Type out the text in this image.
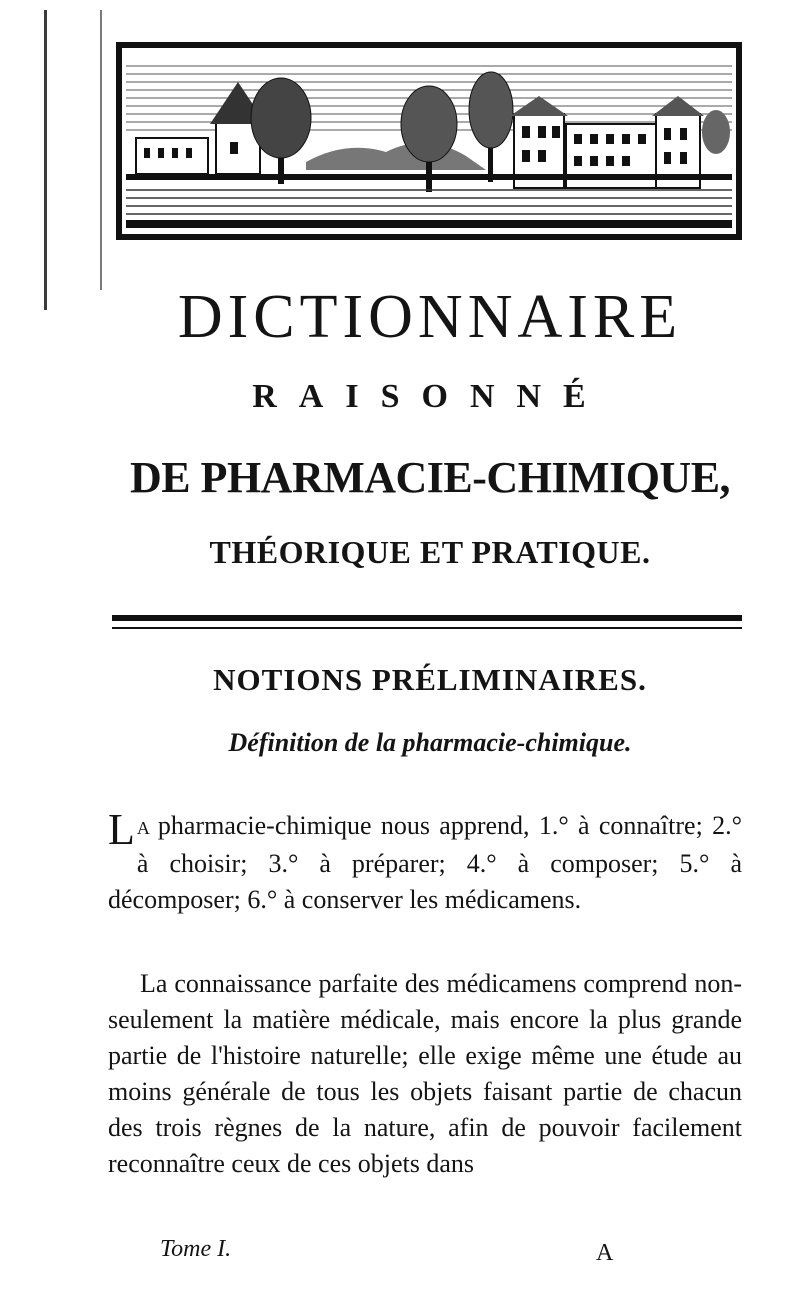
DICTIONNAIRE
RAISONNÉ
DE PHARMACIE-CHIMIQUE,
THÉORIQUE ET PRATIQUE.
NOTIONS PRÉLIMINAIRES.
Définition de la pharmacie-chimique.

L A pharmacie-chimique nous apprend, 1.° à connaître; 2.° à choisir; 3.° à préparer; 4.° à composer; 5.° à décomposer; 6.° à conserver les médicamens.

La connaissance parfaite des médicamens comprend non-seulement la matière médicale, mais encore la plus grande partie de l'histoire naturelle; elle exige même une étude au moins générale de tous les objets faisant partie de chacun des trois règnes de la nature, afin de pouvoir facilement reconnaître ceux de ces objets dans

Tome I.	A
